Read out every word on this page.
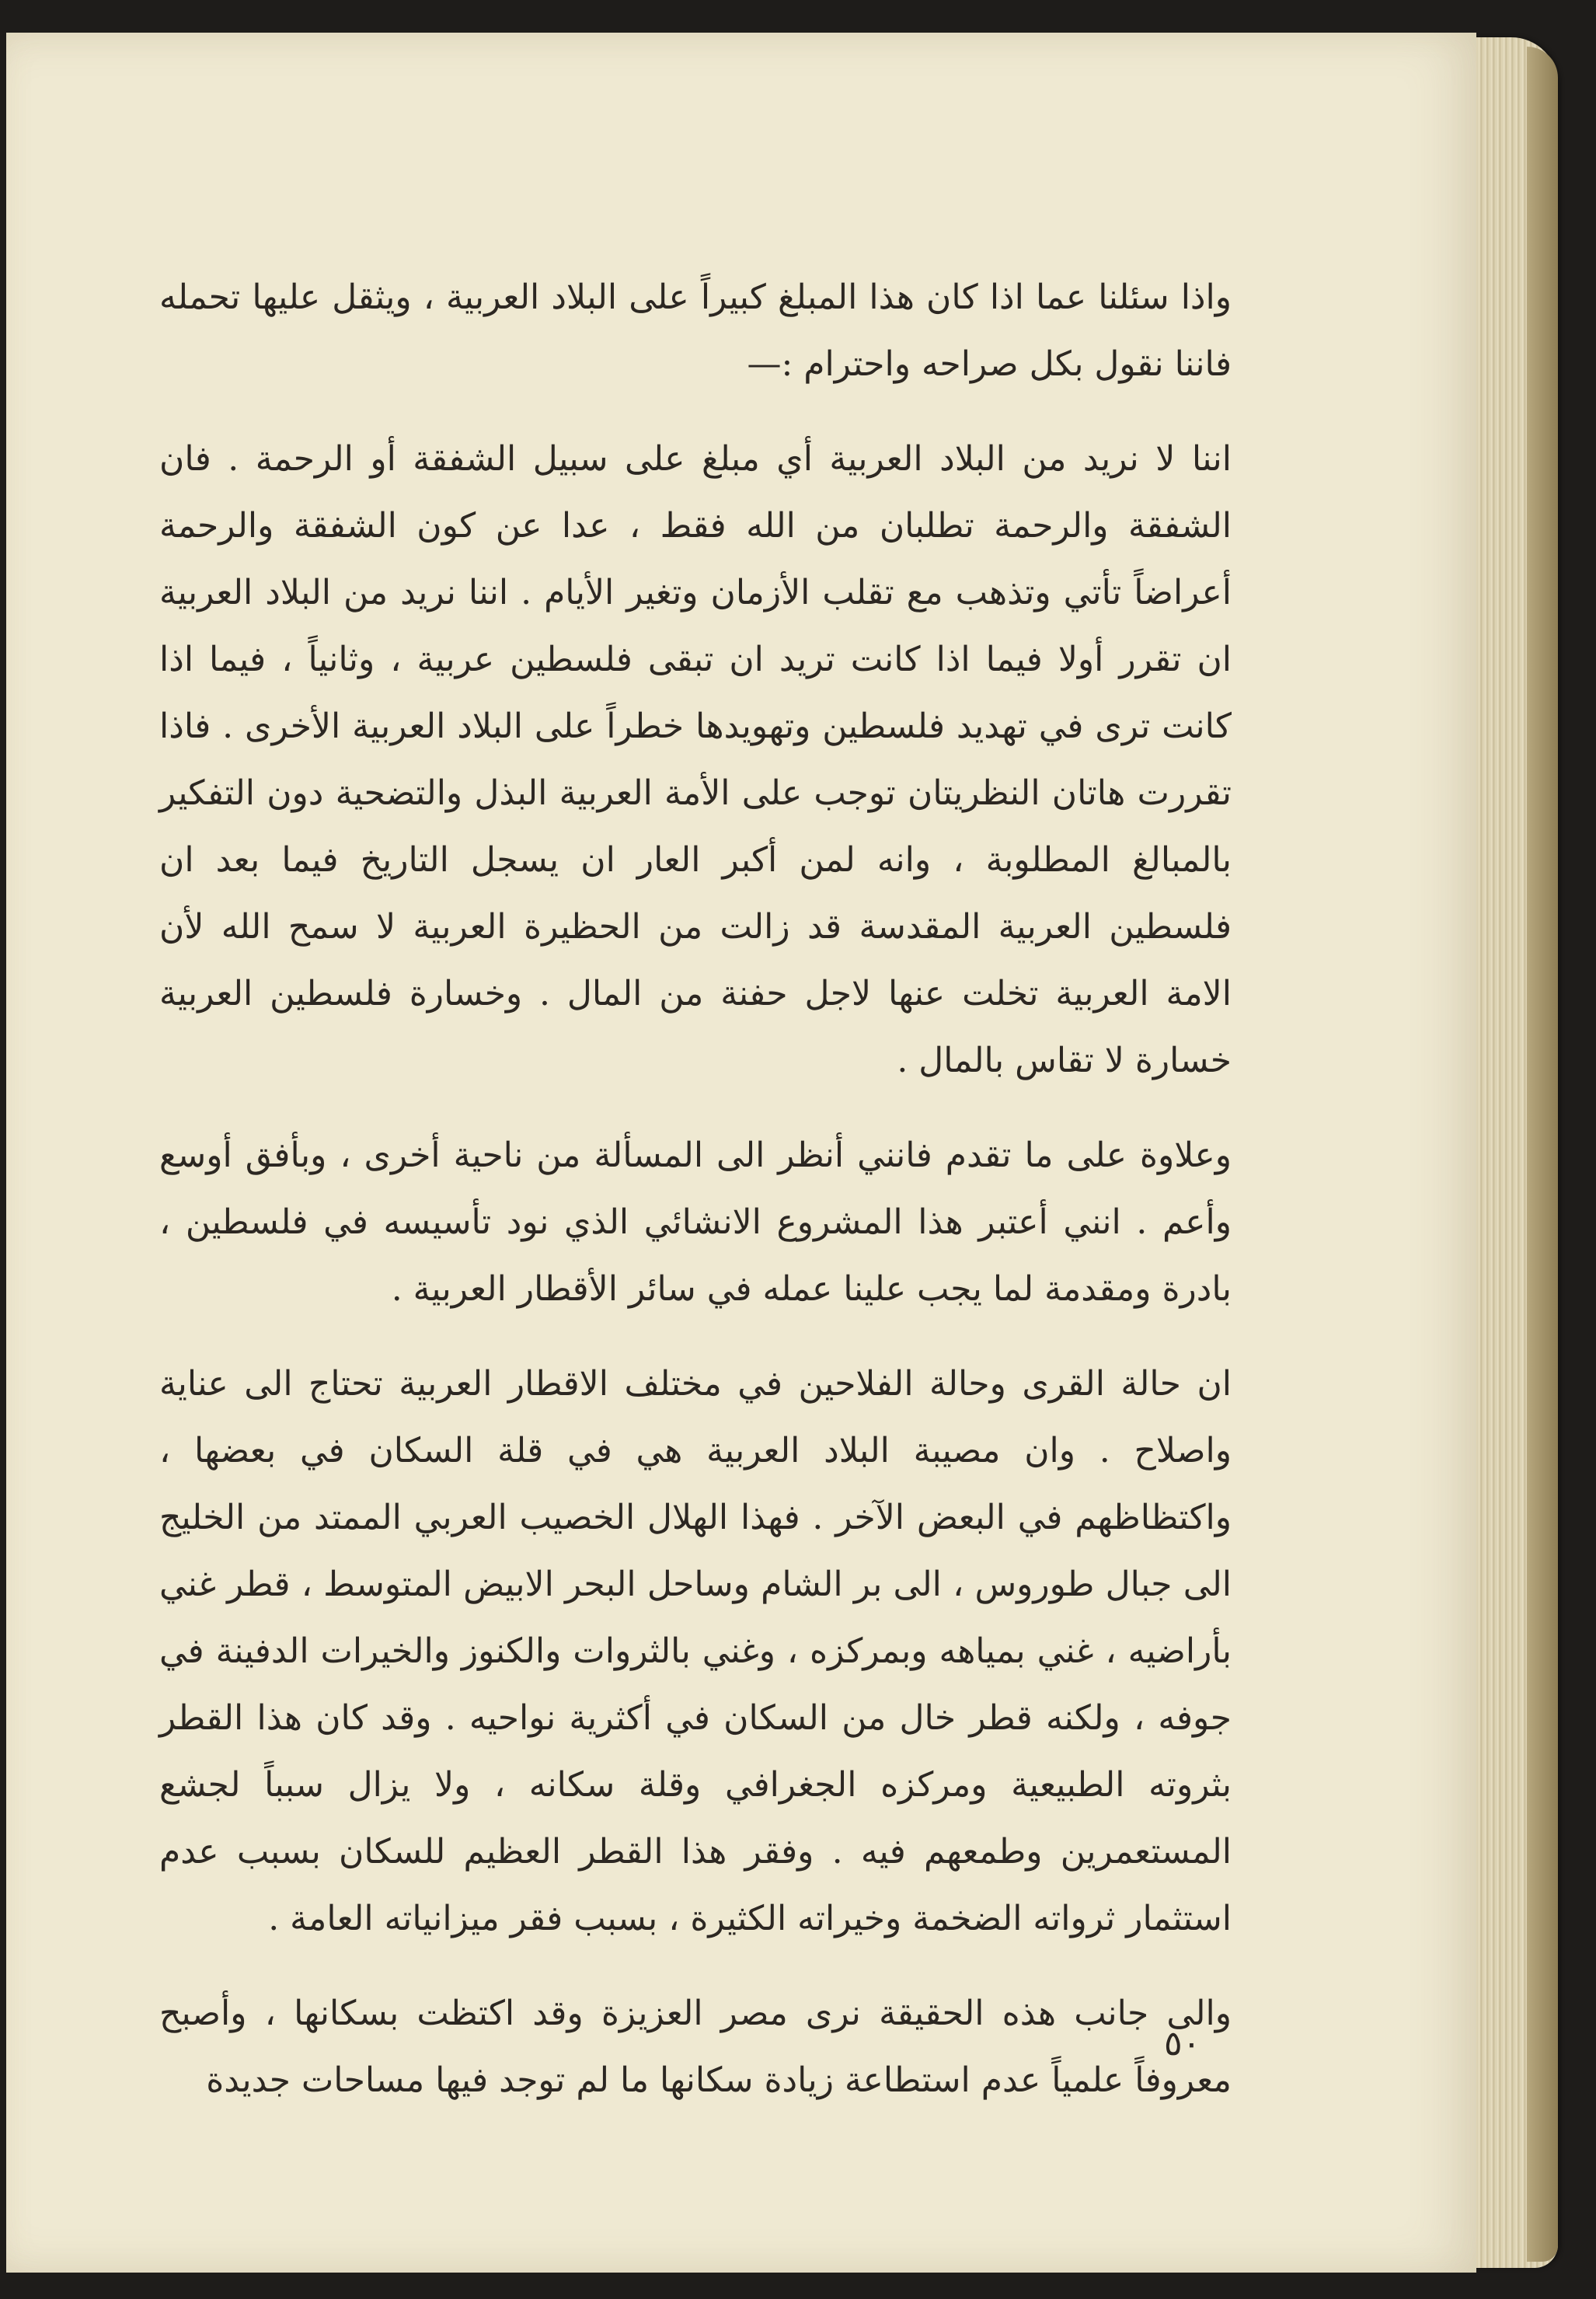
واذا سئلنا عما اذا كان هذا المبلغ كبيراً على البلاد العربية ، ويثقل عليها تحمله فاننا نقول بكل صراحه واحترام :—

اننا لا نريد من البلاد العربية أي مبلغ على سبيل الشفقة أو الرحمة . فان الشفقة والرحمة تطلبان من الله فقط ، عدا عن كون الشفقة والرحمة أعراضاً تأتي وتذهب مع تقلب الأزمان وتغير الأيام . اننا نريد من البلاد العربية ان تقرر أولا فيما اذا كانت تريد ان تبقى فلسطين عربية ، وثانياً ، فيما اذا كانت ترى في تهديد فلسطين وتهويدها خطراً على البلاد العربية الأخرى . فاذا تقررت هاتان النظريتان توجب على الأمة العربية البذل والتضحية دون التفكير بالمبالغ المطلوبة ، وانه لمن أكبر العار ان يسجل التاريخ فيما بعد ان فلسطين العربية المقدسة قد زالت من الحظيرة العربية لا سمح الله لأن الامة العربية تخلت عنها لاجل حفنة من المال . وخسارة فلسطين العربية خسارة لا تقاس بالمال .

وعلاوة على ما تقدم فانني أنظر الى المسألة من ناحية أخرى ، وبأفق أوسع وأعم . انني أعتبر هذا المشروع الانشائي الذي نود تأسيسه في فلسطين ، بادرة ومقدمة لما يجب علينا عمله في سائر الأقطار العربية .

ان حالة القرى وحالة الفلاحين في مختلف الاقطار العربية تحتاج الى عناية واصلاح . وان مصيبة البلاد العربية هي في قلة السكان في بعضها ، واكتظاظهم في البعض الآخر . فهذا الهلال الخصيب العربي الممتد من الخليج الى جبال طوروس ، الى بر الشام وساحل البحر الابيض المتوسط ، قطر غني بأراضيه ، غني بمياهه وبمركزه ، وغني بالثروات والكنوز والخيرات الدفينة في جوفه ، ولكنه قطر خال من السكان في أكثرية نواحيه . وقد كان هذا القطر بثروته الطبيعية ومركزه الجغرافي وقلة سكانه ، ولا يزال سبباً لجشع المستعمرين وطمعهم فيه . وفقر هذا القطر العظيم للسكان بسبب عدم استثمار ثرواته الضخمة وخيراته الكثيرة ، بسبب فقر ميزانياته العامة .

والى جانب هذه الحقيقة نرى مصر العزيزة وقد اكتظت بسكانها ، وأصبح معروفاً علمياً عدم استطاعة زيادة سكانها ما لم توجد فيها مساحات جديدة

٥٠
